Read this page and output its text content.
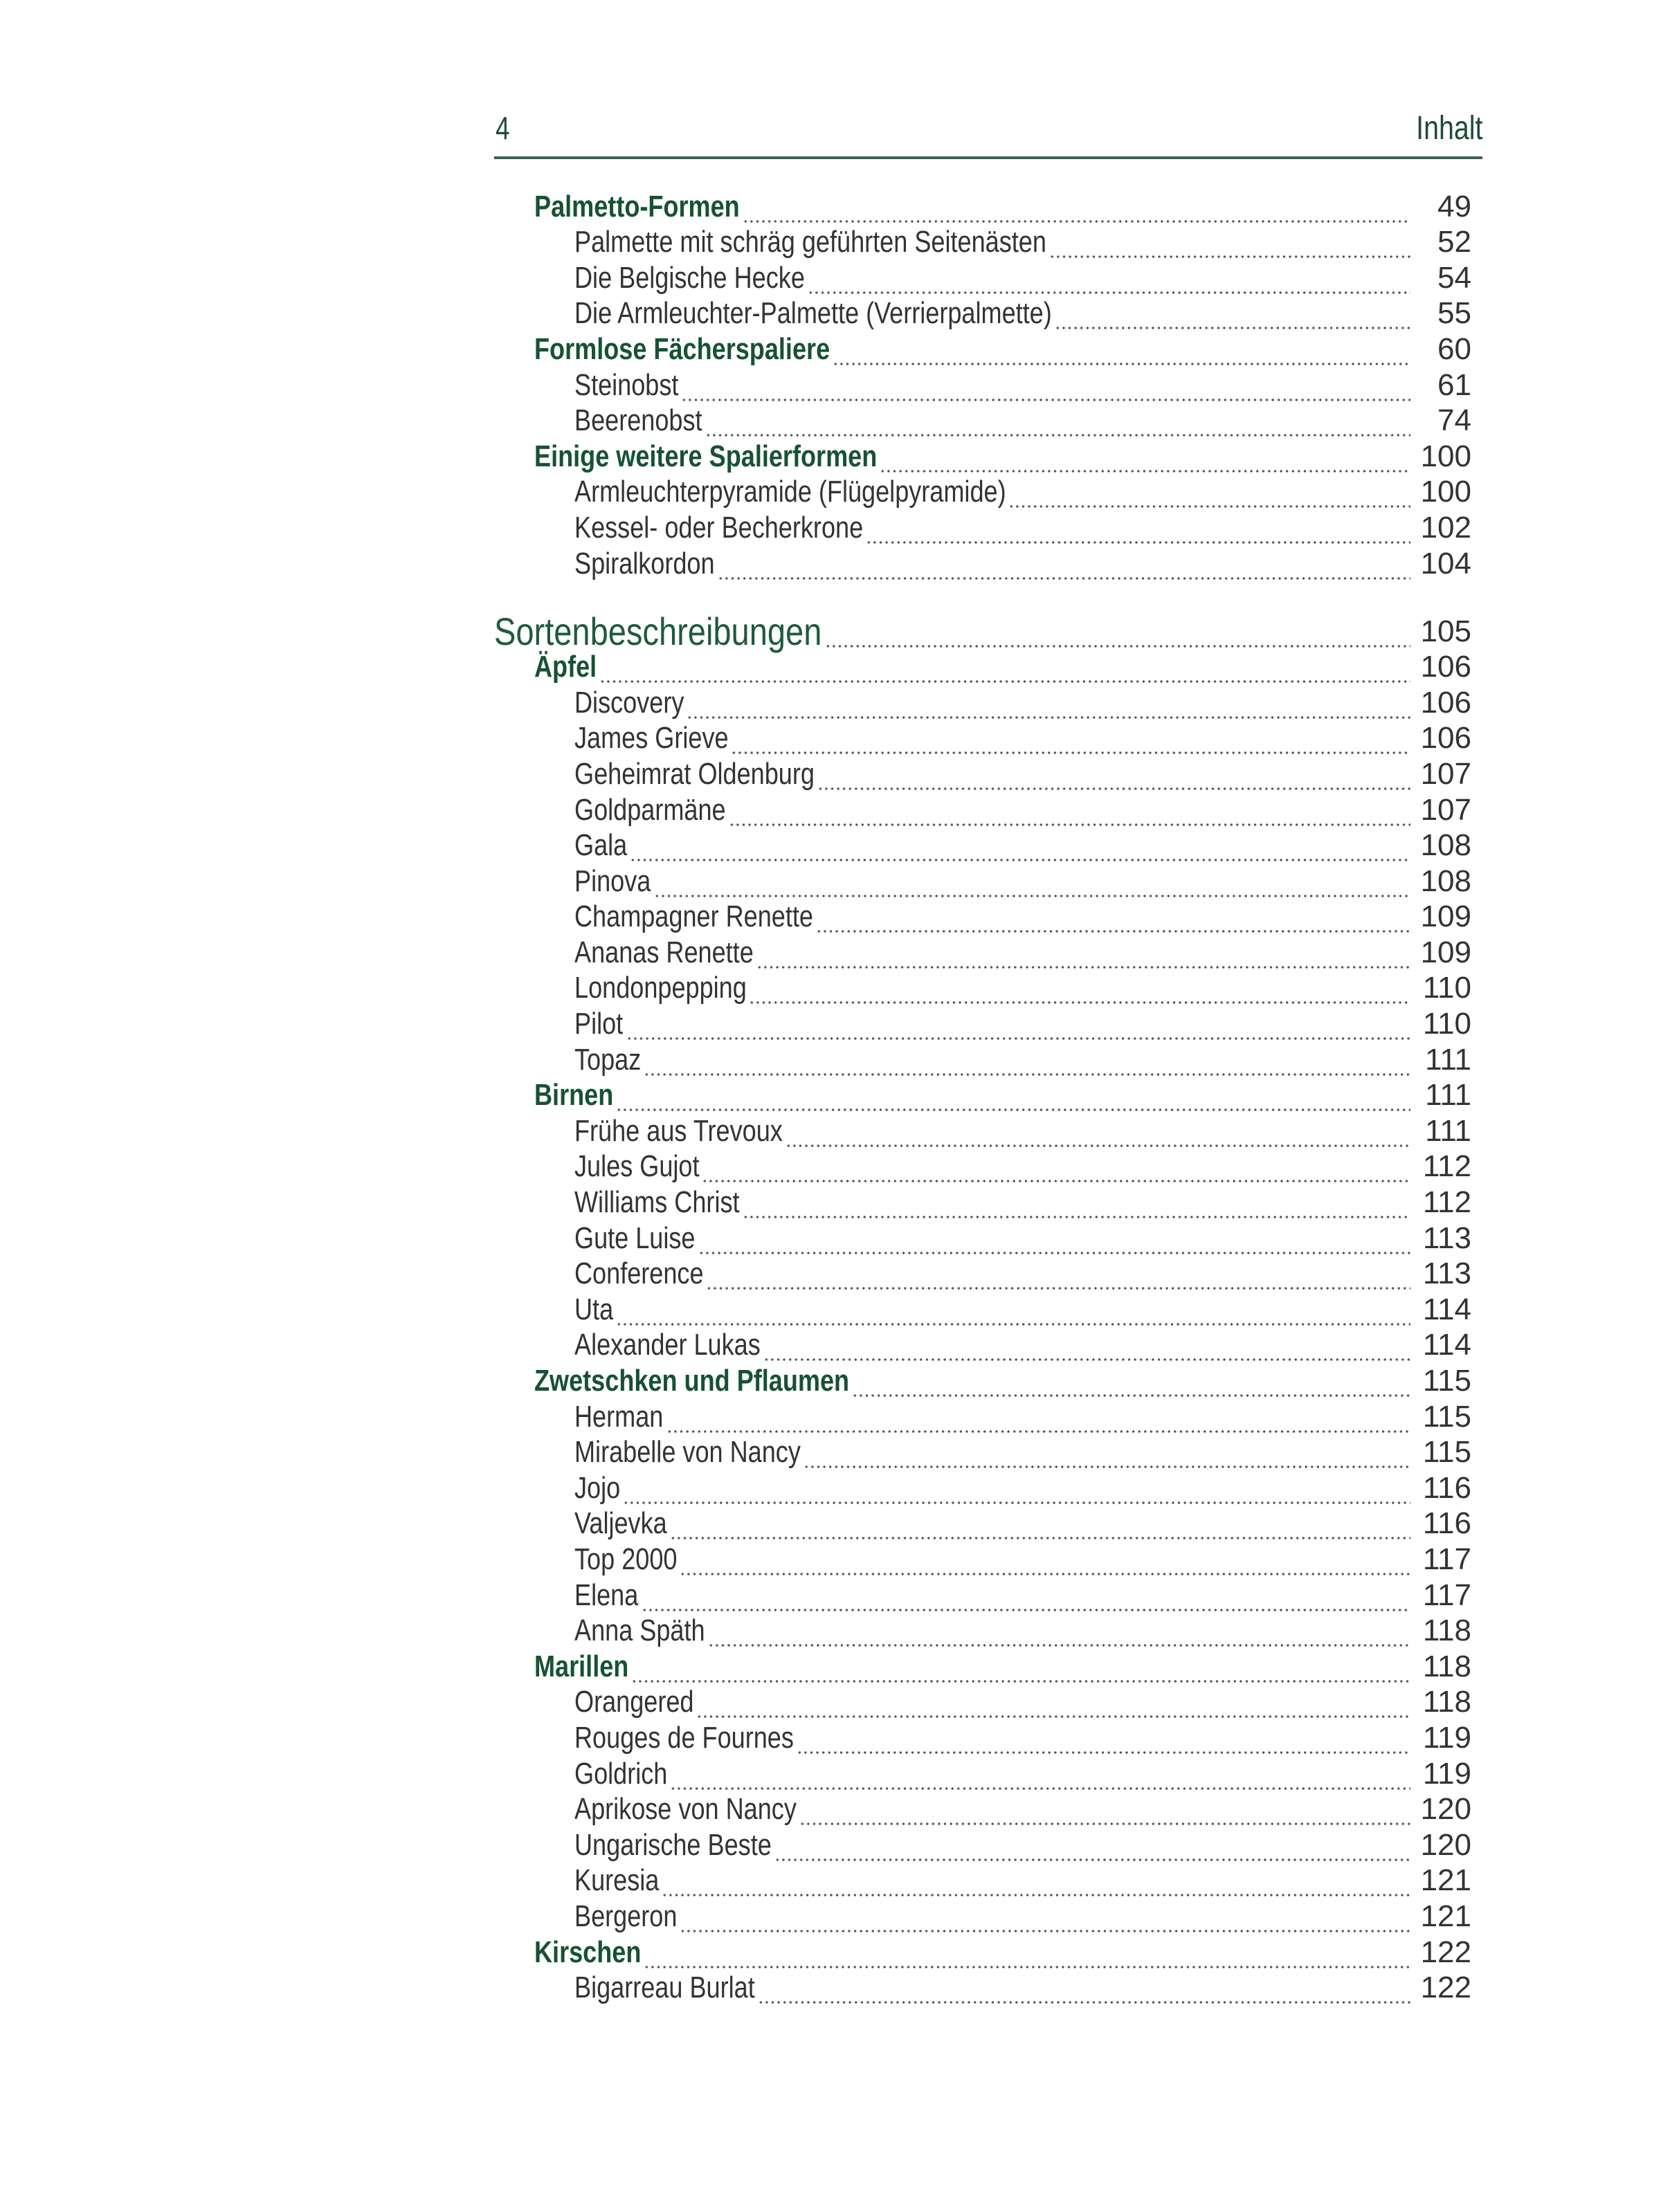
4	Inhalt
Palmetto-Formen	49
Palmette mit schräg geführten Seitenästen	52
Die Belgische Hecke	54
Die Armleuchter-Palmette (Verrierpalmette)	55
Formlose Fächerspaliere	60
Steinobst	61
Beerenobst	74
Einige weitere Spalierformen	100
Armleuchterpyramide (Flügelpyramide)	100
Kessel- oder Becherkrone	102
Spiralkordon	104
Sortenbeschreibungen	105
Äpfel	106
Discovery	106
James Grieve	106
Geheimrat Oldenburg	107
Goldparmäne	107
Gala	108
Pinova	108
Champagner Renette	109
Ananas Renette	109
Londonpepping	110
Pilot	110
Topaz	111
Birnen	111
Frühe aus Trevoux	111
Jules Gujot	112
Williams Christ	112
Gute Luise	113
Conference	113
Uta	114
Alexander Lukas	114
Zwetschken und Pflaumen	115
Herman	115
Mirabelle von Nancy	115
Jojo	116
Valjevka	116
Top 2000	117
Elena	117
Anna Späth	118
Marillen	118
Orangered	118
Rouges de Fournes	119
Goldrich	119
Aprikose von Nancy	120
Ungarische Beste	120
Kuresia	121
Bergeron	121
Kirschen	122
Bigarreau Burlat	122
